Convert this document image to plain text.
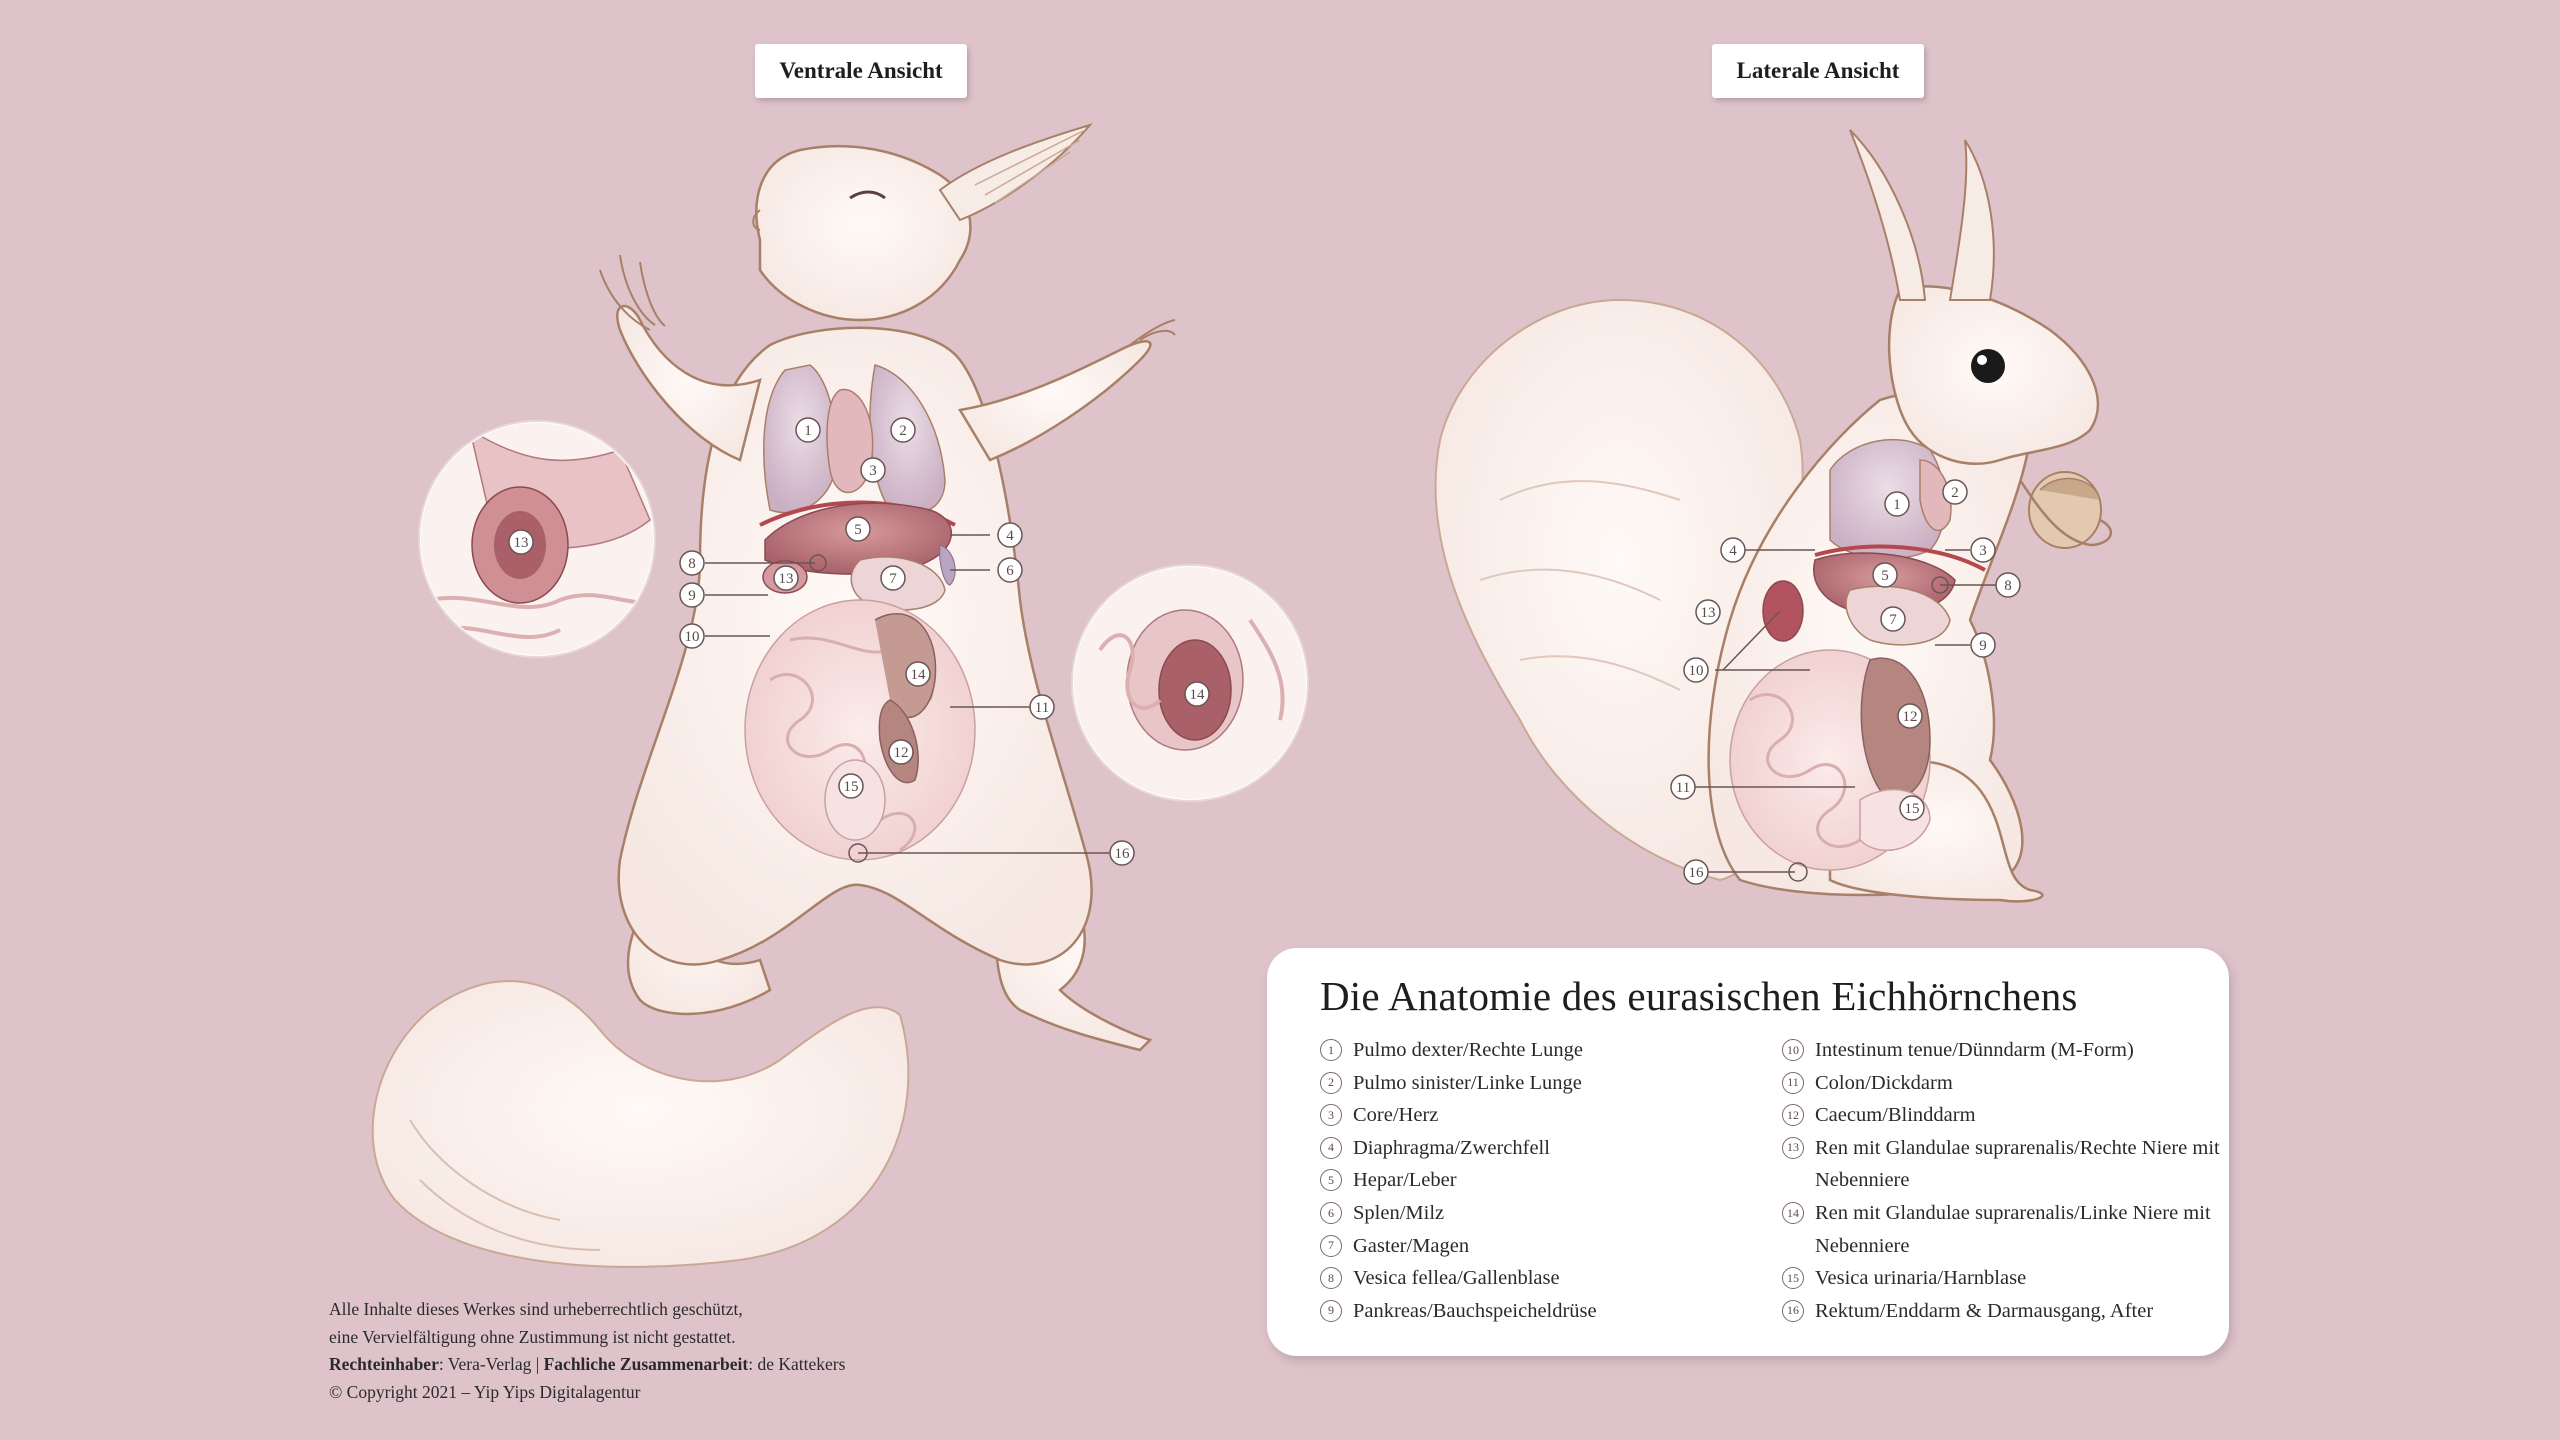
Ventrale Ansicht	Laterale Ansicht
1	2
3
4
5
6
7
8
9
10
11
12
13
14
15
16
1
2
3
4
5
7
8
9
10
11
12
13
15
16
13
14
Die Anatomie des eurasischen Eichhörnchens
1 Pulmo dexter/Rechte Lunge
2 Pulmo sinister/Linke Lunge
3 Core/Herz
4 Diaphragma/Zwerchfell
5 Hepar/Leber
6 Splen/Milz
7 Gaster/Magen
8 Vesica fellea/Gallenblase
9 Pankreas/Bauchspeicheldrüse
10 Intestinum tenue/Dünndarm (M-Form)
11 Colon/Dickdarm
12 Caecum/Blinddarm
13 Ren mit Glandulae suprarenalis/Rechte Niere mit Nebenniere
14 Ren mit Glandulae suprarenalis/Linke Niere mit Nebenniere
15 Vesica urinaria/Harnblase
16 Rektum/Enddarm & Darmausgang, After
Alle Inhalte dieses Werkes sind urheberrechtlich geschützt,
eine Vervielfältigung ohne Zustimmung ist nicht gestattet.
Rechteinhaber: Vera-Verlag | Fachliche Zusammenarbeit: de Kattekers
© Copyright 2021 – Yip Yips Digitalagentur
